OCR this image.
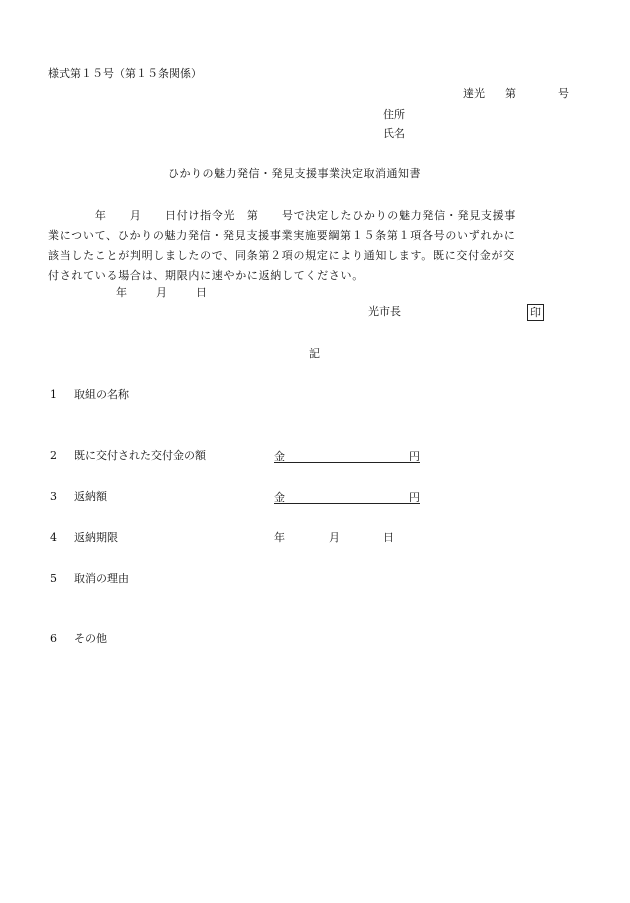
様式第１５号（第１５条関係）
達光 第	号
住所
氏名
ひかりの魅力発信・発見支援事業決定取消通知書
　　　　年　　月　　日付け指令光　第　　号で決定したひかりの魅力発信・発見支援事
業について、ひかりの魅力発信・発見支援事業実施要綱第１５条第１項各号のいずれかに
該当したことが判明しましたので、同条第２項の規定により通知します。既に交付金が交
付されている場合は、期限内に速やかに返納してください。
年	月	日
光市長	印
記
1 取組の名称
2 既に交付された交付金の額	金	円
3 返納額	金	円
4 返納期限	年	月	日
5 取消の理由
6 その他
